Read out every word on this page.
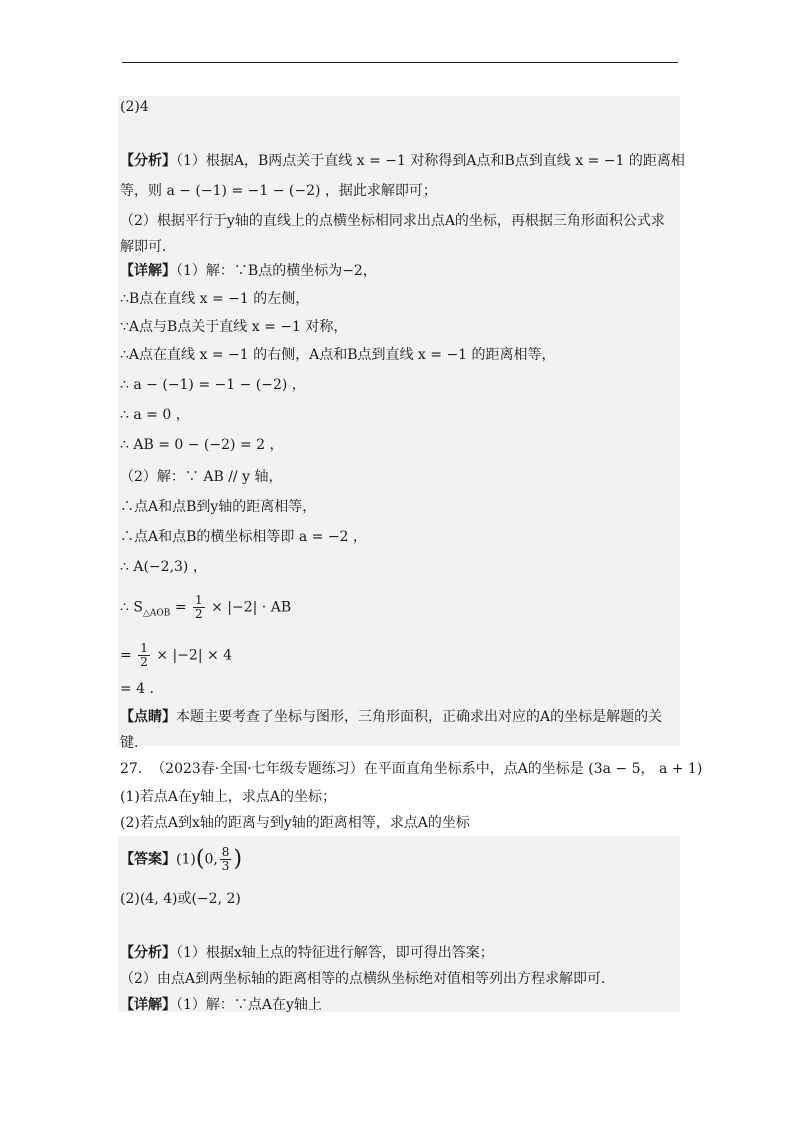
(2)4
【分析】（1）根据A，B两点关于直线 x = −1 对称得到A点和B点到直线 x = −1 的距离相
等，则 a − (−1) = −1 − (−2) ，据此求解即可；
（2）根据平行于y轴的直线上的点横坐标相同求出点A的坐标，再根据三角形面积公式求
解即可．
【详解】（1）解：∵B点的横坐标为−2，
∴B点在直线 x = −1 的左侧，
∵A点与B点关于直线 x = −1 对称，
∴A点在直线 x = −1 的右侧，A点和B点到直线 x = −1 的距离相等，
∴ a − (−1) = −1 − (−2) ，
∴ a = 0 ，
∴ AB = 0 − (−2) = 2 ，
（2）解：∵ AB // y 轴，
∴点A和点B到y轴的距离相等，
∴点A和点B的横坐标相等即 a = −2 ，
∴ A(−2,3) ，
∴ $S_{\triangle AOB} = \frac{1}{2} \times |-2|$ · AB
= $\frac{1}{2} \times |-2| \times 4$
= 4 .
【点睛】本题主要考查了坐标与图形，三角形面积，正确求出对应的A的坐标是解题的关
键.
27.  （2023春·全国·七年级专题练习）在平面直角坐标系中，点A的坐标是 (3a − 5， a + 1)
(1)若点A在y轴上，求点A的坐标；
(2)若点A到x轴的距离与到y轴的距离相等，求点A的坐标
【答案】(1)(0, $\frac{8}{3}$ )
(2)(4, 4)或(−2, 2)
【分析】（1）根据x轴上点的特征进行解答，即可得出答案；
（2）由点A到两坐标轴的距离相等的点横纵坐标绝对值相等列出方程求解即可．
【详解】（1）解：∵点A在y轴上
